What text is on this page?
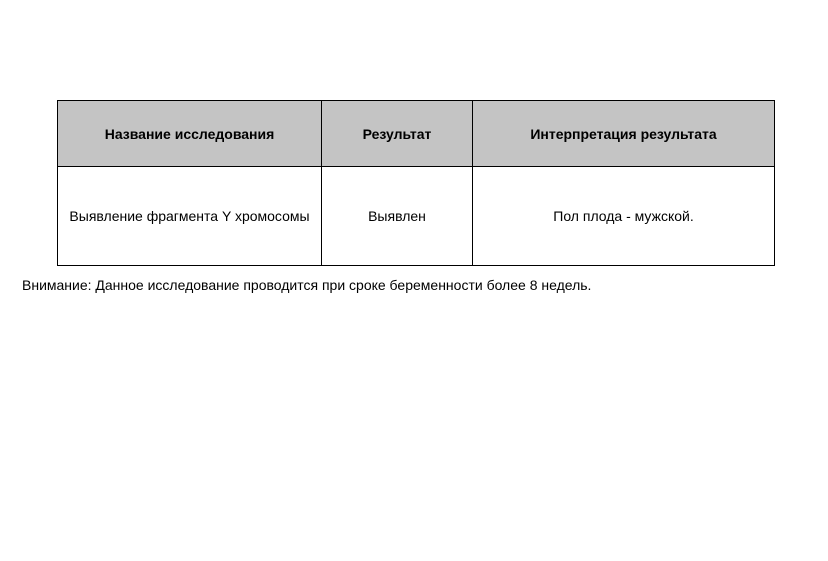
Название исследования	Результат	Интерпретация результата
Выявление фрагмента Y хромосомы	Выявлен	Пол плода - мужской.
Внимание: Данное исследование проводится при сроке беременности более 8 недель.
